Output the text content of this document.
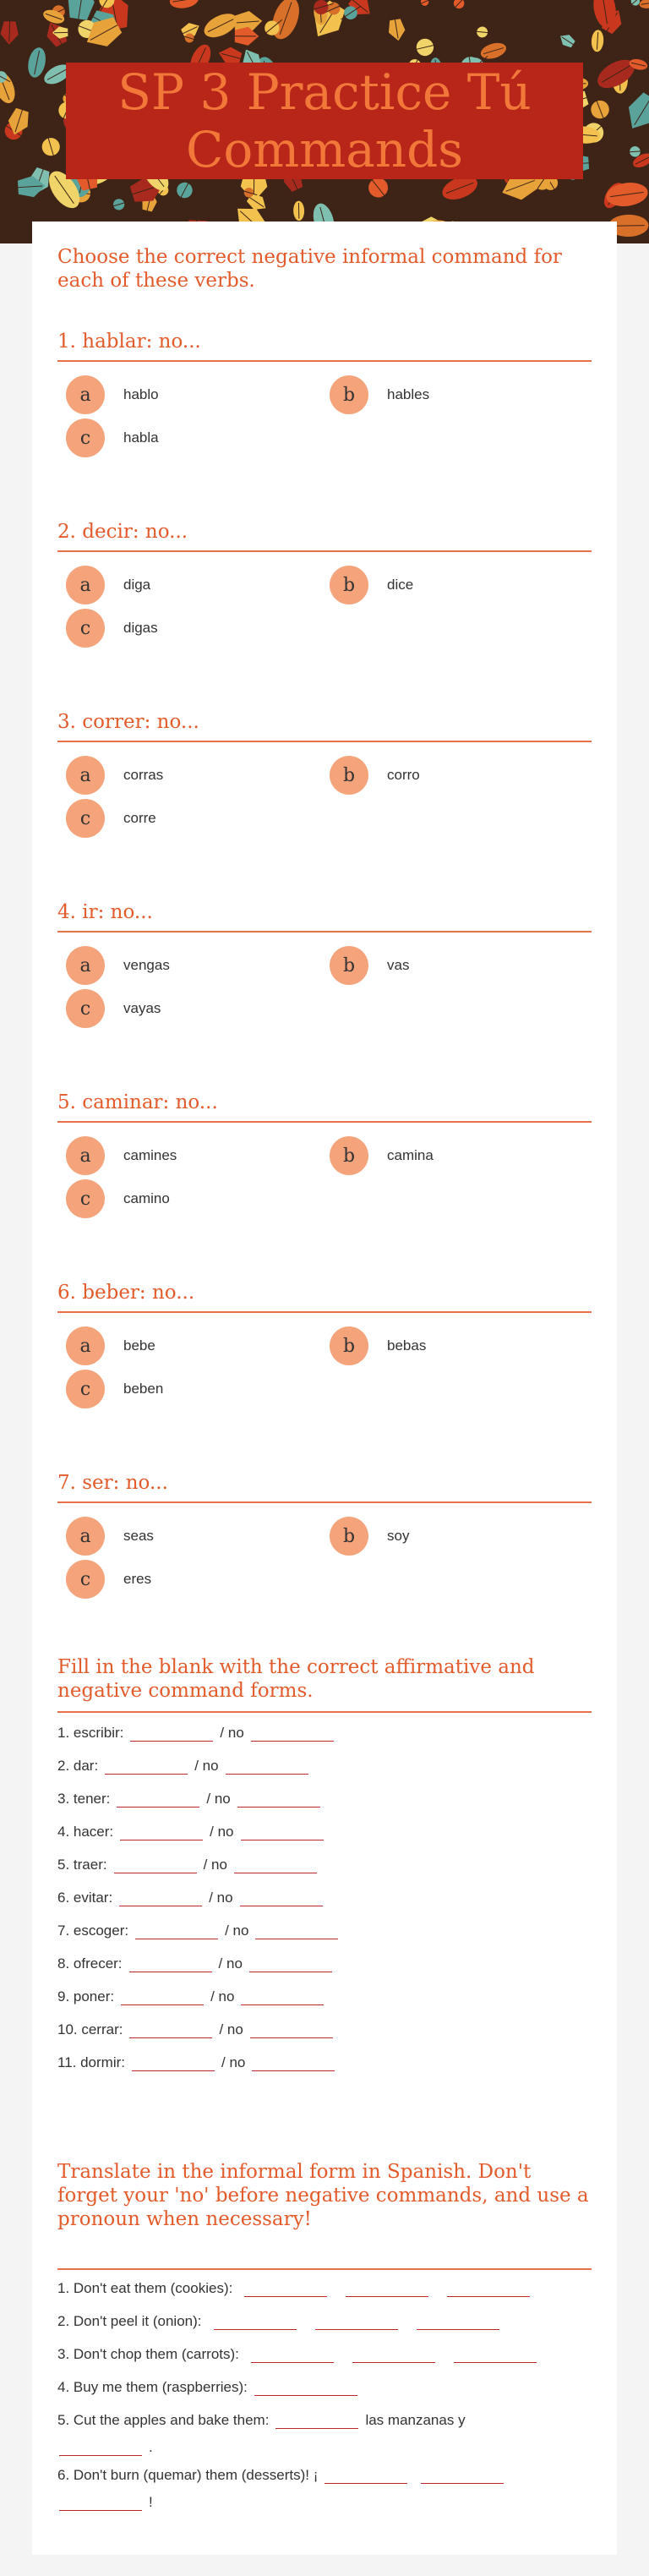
SP 3 Practice Tú Commands
Choose the correct negative informal command for each of these verbs.
1. hablar: no...
a	hablo	b	hables
c	habla
2. decir: no...
a	diga	b	dice
c	digas
3. correr: no...
a	corras	b	corro
c	corre
4. ir: no...
a	vengas	b	vas
c	vayas
5. caminar: no...
a	camines	b	camina
c	camino
6. beber: no...
a	bebe	b	bebas
c	beben
7. ser: no...
a	seas	b	soy
c	eres
Fill in the blank with the correct affirmative and negative command forms.
1. escribir:	/ no
2. dar:	/ no
3. tener:	/ no
4. hacer:	/ no
5. traer:	/ no
6. evitar:	/ no
7. escoger:	/ no
8. ofrecer:	/ no
9. poner:	/ no
10. cerrar:	/ no
11. dormir:	/ no
Translate in the informal form in Spanish. Don't forget your 'no' before negative commands, and use a pronoun when necessary!
1. Don't eat them (cookies):
2. Don't peel it (onion):
3. Don't chop them (carrots):
4. Buy me them (raspberries):
5. Cut the apples and bake them:	las manzanas y
.
6. Don't burn (quemar) them (desserts)! ¡
!
